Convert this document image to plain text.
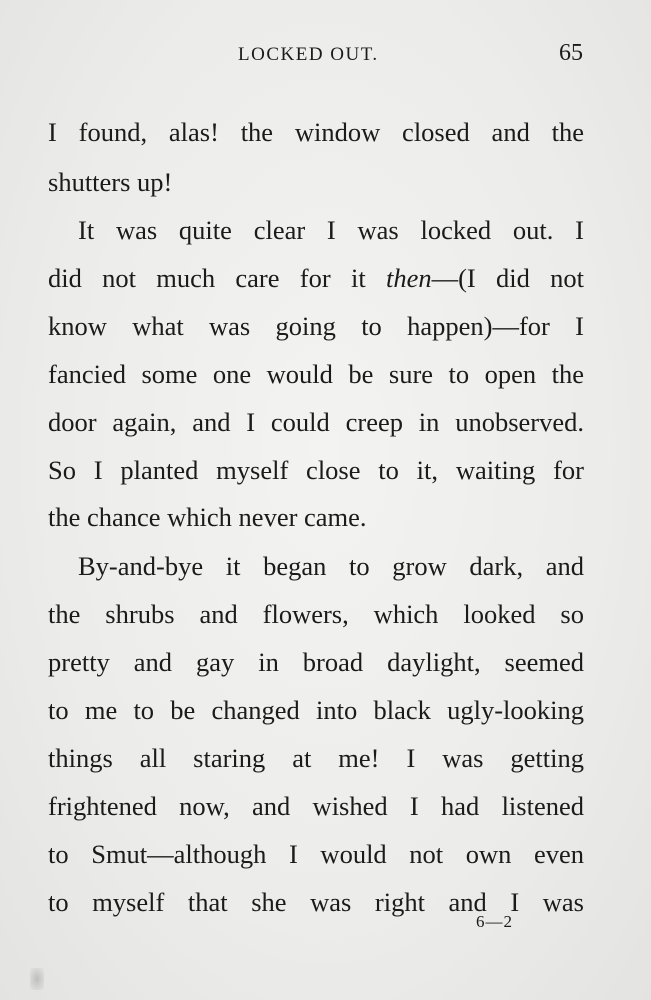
LOCKED OUT.	65
I found, alas! the window closed and the
shutters up!
It was quite clear I was locked out. I
did not much care for it then—(I did not
know what was going to happen)—for I
fancied some one would be sure to open the
door again, and I could creep in unobserved.
So I planted myself close to it, waiting for
the chance which never came.
By-and-bye it began to grow dark, and
the shrubs and flowers, which looked so
pretty and gay in broad daylight, seemed
to me to be changed into black ugly-looking
things all staring at me! I was getting
frightened now, and wished I had listened
to Smut—although I would not own even
to myself that she was right and I was
6—2
